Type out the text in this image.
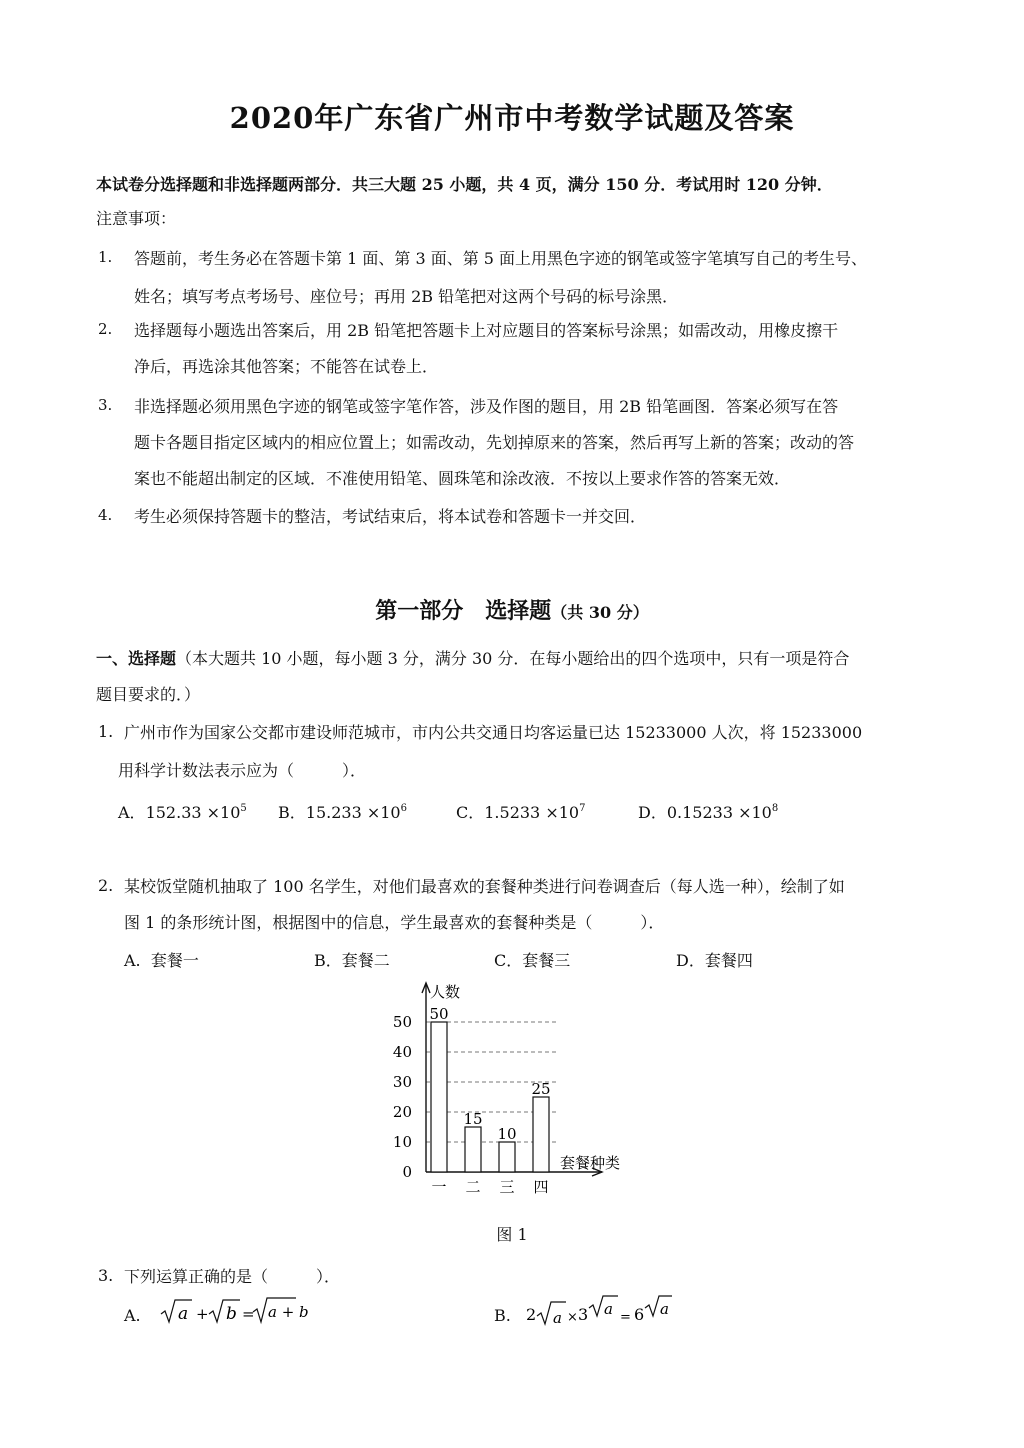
2020年广东省广州市中考数学试题及答案
本试卷分选择题和非选择题两部分．共三大题 25 小题，共 4 页，满分 150 分．考试用时 120 分钟．
注意事项：
1. 答题前，考生务必在答题卡第 1 面、第 3 面、第 5 面上用黑色字迹的钢笔或签字笔填写自己的考生号、
姓名；填写考点考场号、座位号；再用 2B 铅笔把对这两个号码的标号涂黑．
2. 选择题每小题选出答案后，用 2B 铅笔把答题卡上对应题目的答案标号涂黑；如需改动，用橡皮擦干
净后，再选涂其他答案；不能答在试卷上．
3. 非选择题必须用黑色字迹的钢笔或签字笔作答，涉及作图的题目，用 2B 铅笔画图．答案必须写在答
题卡各题目指定区域内的相应位置上；如需改动，先划掉原来的答案，然后再写上新的答案；改动的答
案也不能超出制定的区域．不准使用铅笔、圆珠笔和涂改液．不按以上要求作答的答案无效．
4. 考生必须保持答题卡的整洁，考试结束后，将本试卷和答题卡一并交回．
第一部分　选择题（共 30 分）
一、选择题（本大题共 10 小题，每小题 3 分，满分 30 分．在每小题给出的四个选项中，只有一项是符合
题目要求的．）
1. 广州市作为国家公交都市建设师范城市，市内公共交通日均客运量已达 15233000 人次，将 15233000
用科学计数法表示应为（　　　）．
A．$152.33 \times 10^5$ B．$15.233 \times 10^6$	C．$1.5233 \times 10^7$	D．$0.15233 \times 10^8$
2. 某校饭堂随机抽取了 100 名学生，对他们最喜欢的套餐种类进行问卷调查后（每人选一种），绘制了如
图 1 的条形统计图，根据图中的信息，学生最喜欢的套餐种类是（　　　）．
A. 套餐一	B．套餐二	C．套餐三	D．套餐四
0
10
20
30
40
50 50
一
15
二
10
三
25
四
人数
套餐种类
图 1
3. 下列运算正确的是（　　　）．
A. a + b = a + b	B. 2 a × 3 a = 6 a
